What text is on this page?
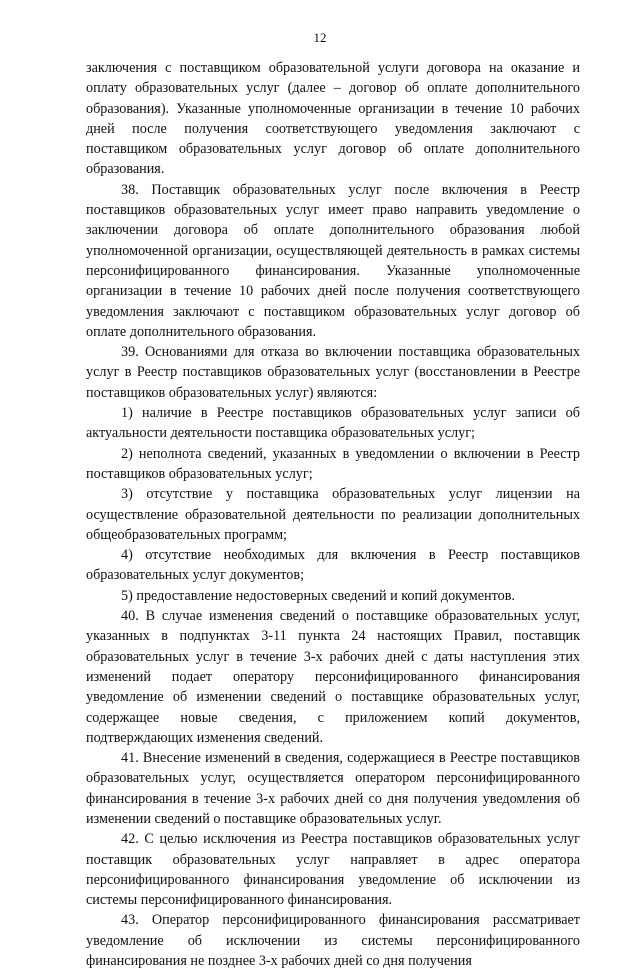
12

заключения с поставщиком образовательной услуги договора на оказание и оплату образовательных услуг (далее – договор об оплате дополнительного образования). Указанные уполномоченные организации в течение 10 рабочих дней после получения соответствующего уведомления заключают с поставщиком образовательных услуг договор об оплате дополнительного образования.

38. Поставщик образовательных услуг после включения в Реестр поставщиков образовательных услуг имеет право направить уведомление о заключении договора об оплате дополнительного образования любой уполномоченной организации, осуществляющей деятельность в рамках системы персонифицированного финансирования. Указанные уполномоченные организации в течение 10 рабочих дней после получения соответствующего уведомления заключают с поставщиком образовательных услуг договор об оплате дополнительного образования.

39. Основаниями для отказа во включении поставщика образовательных услуг в Реестр поставщиков образовательных услуг (восстановлении в Реестре поставщиков образовательных услуг) являются:

1) наличие в Реестре поставщиков образовательных услуг записи об актуальности деятельности поставщика образовательных услуг;

2) неполнота сведений, указанных в уведомлении о включении в Реестр поставщиков образовательных услуг;

3) отсутствие у поставщика образовательных услуг лицензии на осуществление образовательной деятельности по реализации дополнительных общеобразовательных программ;

4) отсутствие необходимых для включения в Реестр поставщиков образовательных услуг документов;

5) предоставление недостоверных сведений и копий документов.

40. В случае изменения сведений о поставщике образовательных услуг, указанных в подпунктах 3-11 пункта 24 настоящих Правил, поставщик образовательных услуг в течение 3-х рабочих дней с даты наступления этих изменений подает оператору персонифицированного финансирования уведомление об изменении сведений о поставщике образовательных услуг, содержащее новые сведения, с приложением копий документов, подтверждающих изменения сведений.

41. Внесение изменений в сведения, содержащиеся в Реестре поставщиков образовательных услуг, осуществляется оператором персонифицированного финансирования в течение 3-х рабочих дней со дня получения уведомления об изменении сведений о поставщике образовательных услуг.

42. С целью исключения из Реестра поставщиков образовательных услуг поставщик образовательных услуг направляет в адрес оператора персонифицированного финансирования уведомление об исключении из системы персонифицированного финансирования.

43. Оператор персонифицированного финансирования рассматривает уведомление об исключении из системы персонифицированного финансирования не позднее 3-х рабочих дней со дня получения
